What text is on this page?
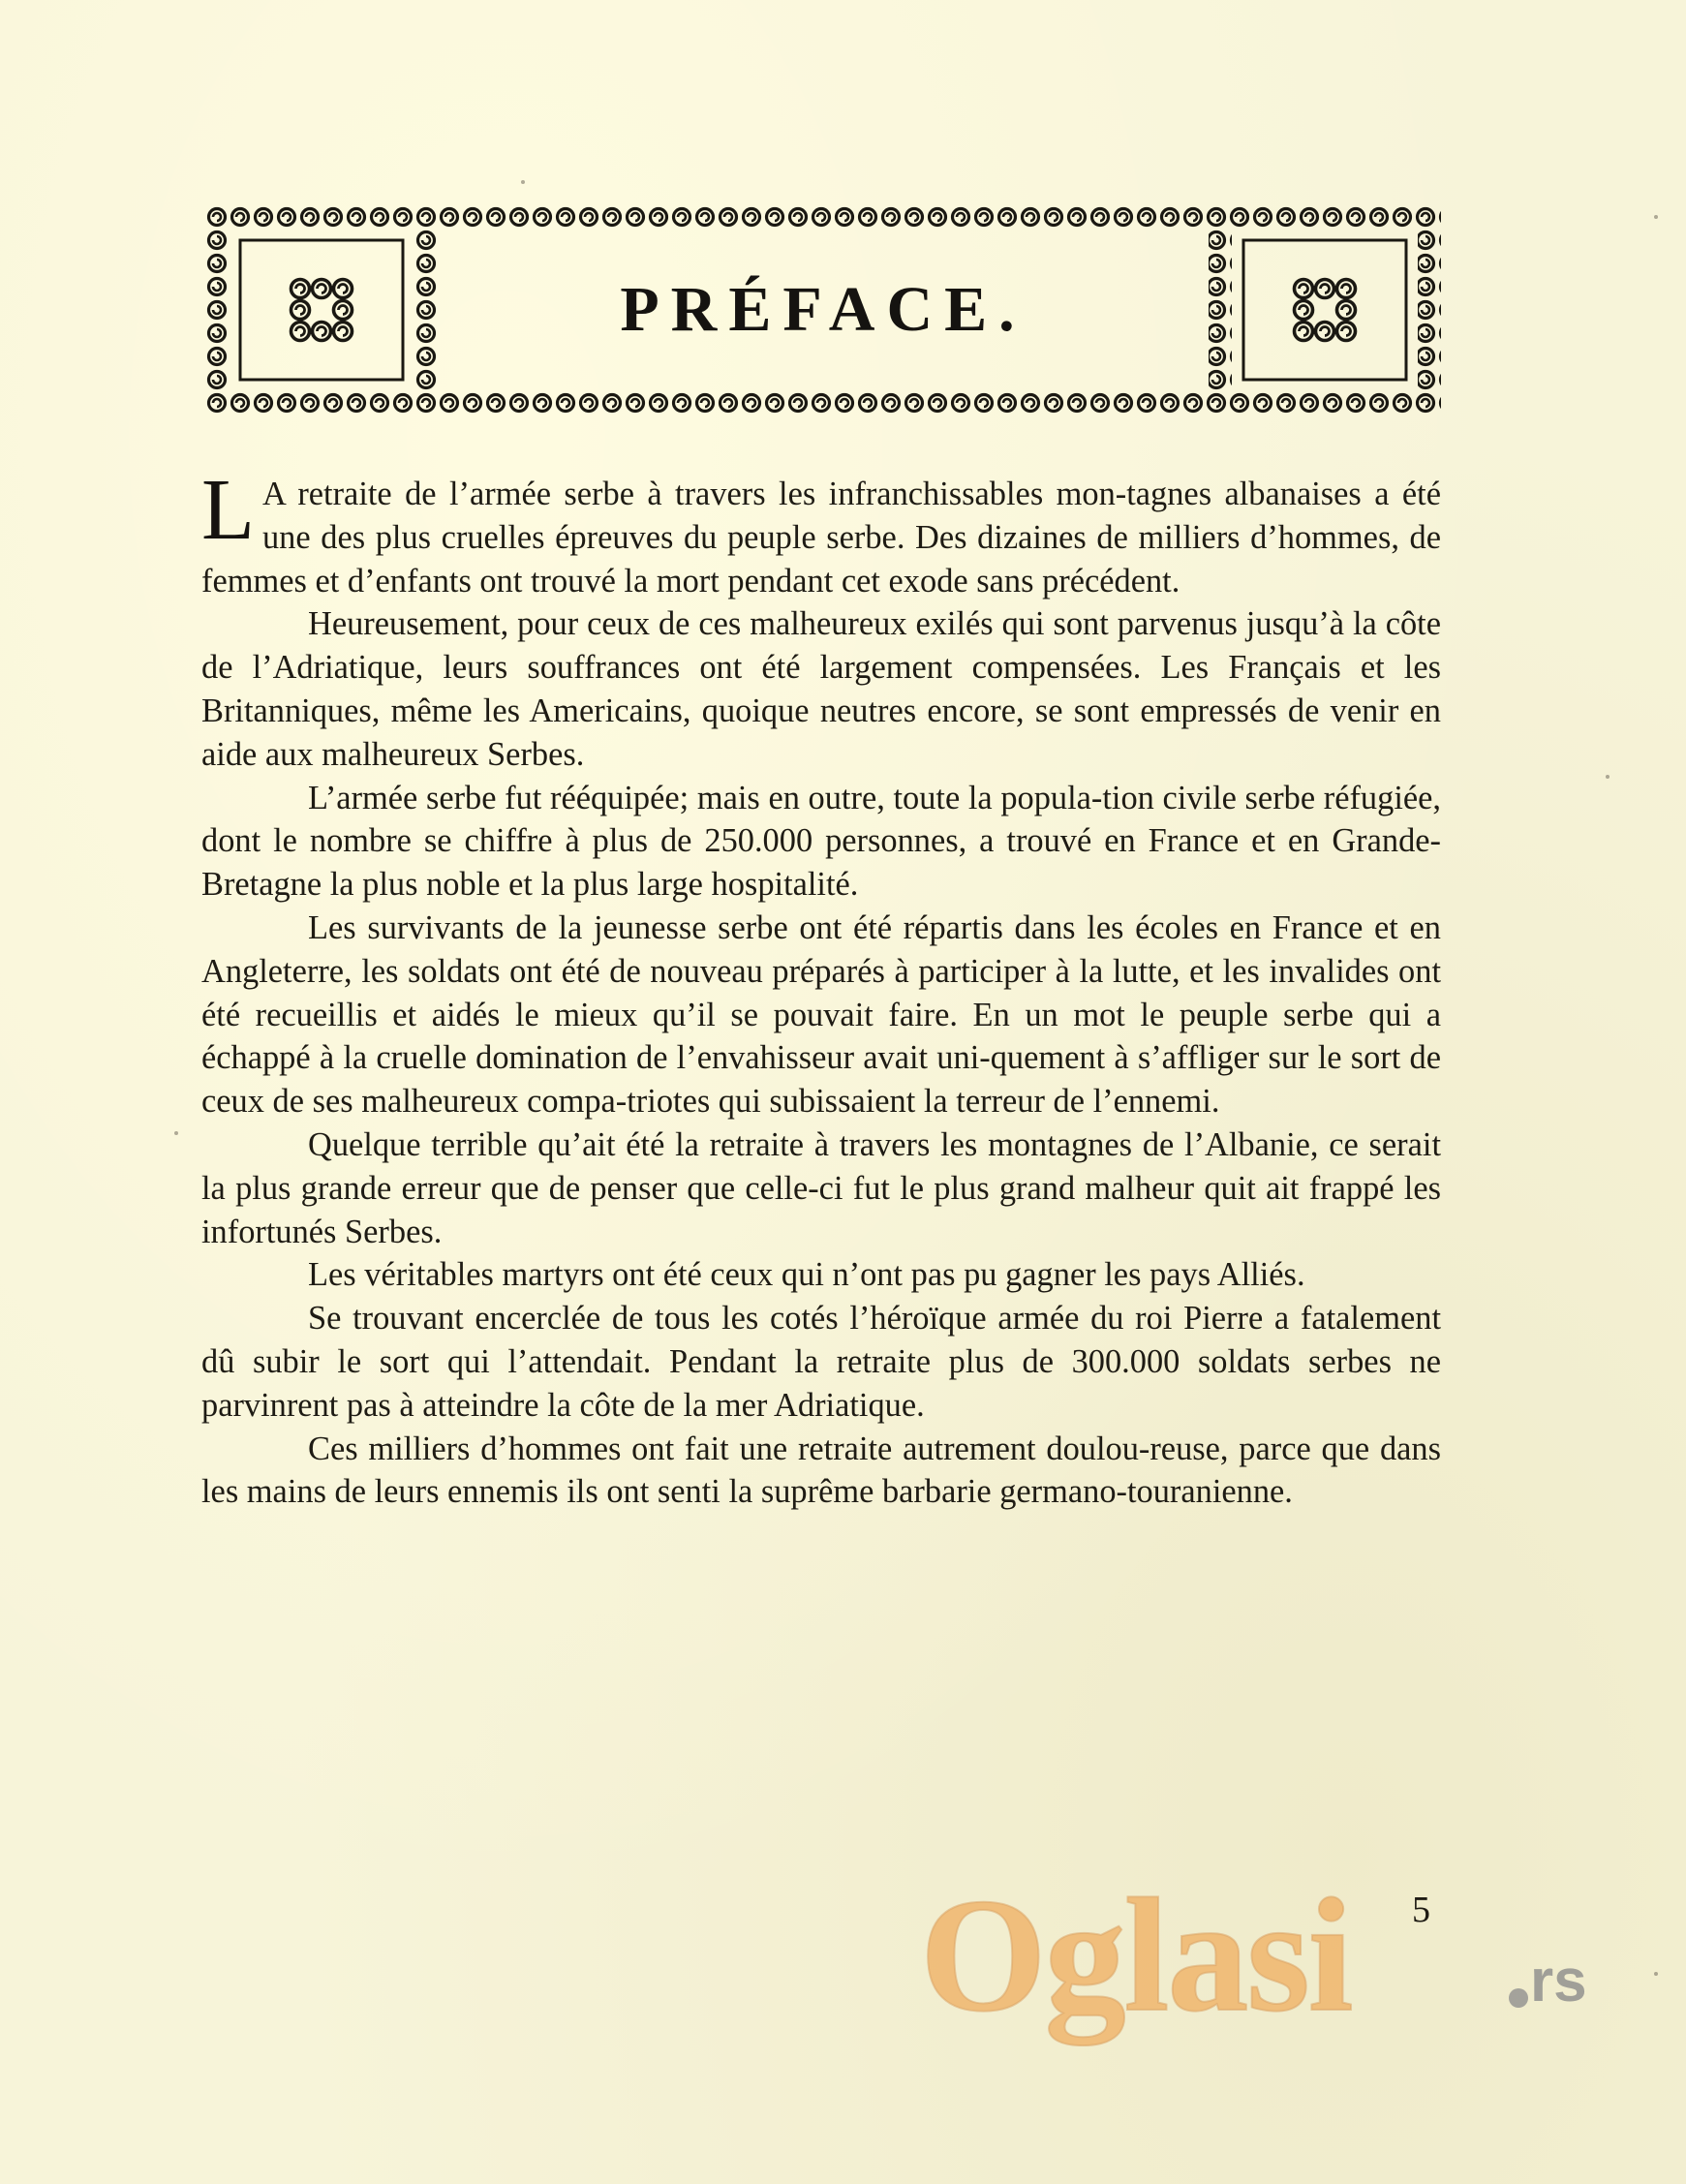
PRÉFACE.

L A retraite de l’armée serbe à travers les infranchissables mon‐tagnes albanaises a été une des plus cruelles épreuves du peuple serbe. Des dizaines de milliers d’hommes, de femmes et d’enfants ont trouvé la mort pendant cet exode sans précédent.

Heureusement, pour ceux de ces malheureux exilés qui sont parvenus jusqu’à la côte de l’Adriatique, leurs souffrances ont été largement compensées. Les Français et les Britanniques, même les Americains, quoique neutres encore, se sont empressés de venir en aide aux malheureux Serbes.

L’armée serbe fut rééquipée; mais en outre, toute la popula‐tion civile serbe réfugiée, dont le nombre se chiffre à plus de 250.000 personnes, a trouvé en France et en Grande‐Bretagne la plus noble et la plus large hospitalité.

Les survivants de la jeunesse serbe ont été répartis dans les écoles en France et en Angleterre, les soldats ont été de nouveau préparés à participer à la lutte, et les invalides ont été recueillis et aidés le mieux qu’il se pouvait faire. En un mot le peuple serbe qui a échappé à la cruelle domination de l’envahisseur avait uni‐quement à s’affliger sur le sort de ceux de ses malheureux compa‐triotes qui subissaient la terreur de l’ennemi.

Quelque terrible qu’ait été la retraite à travers les montagnes de l’Albanie, ce serait la plus grande erreur que de penser que celle‐ci fut le plus grand malheur quit ait frappé les infortunés Serbes.

Les véritables martyrs ont été ceux qui n’ont pas pu gagner les pays Alliés.

Se trouvant encerclée de tous les cotés l’héroïque armée du roi Pierre a fatalement dû subir le sort qui l’attendait. Pendant la retraite plus de 300.000 soldats serbes ne parvinrent pas à atteindre la côte de la mer Adriatique.

Ces milliers d’hommes ont fait une retraite autrement doulou‐reuse, parce que dans les mains de leurs ennemis ils ont senti la suprême barbarie germano‐touranienne.

5
Oglasi	rs
